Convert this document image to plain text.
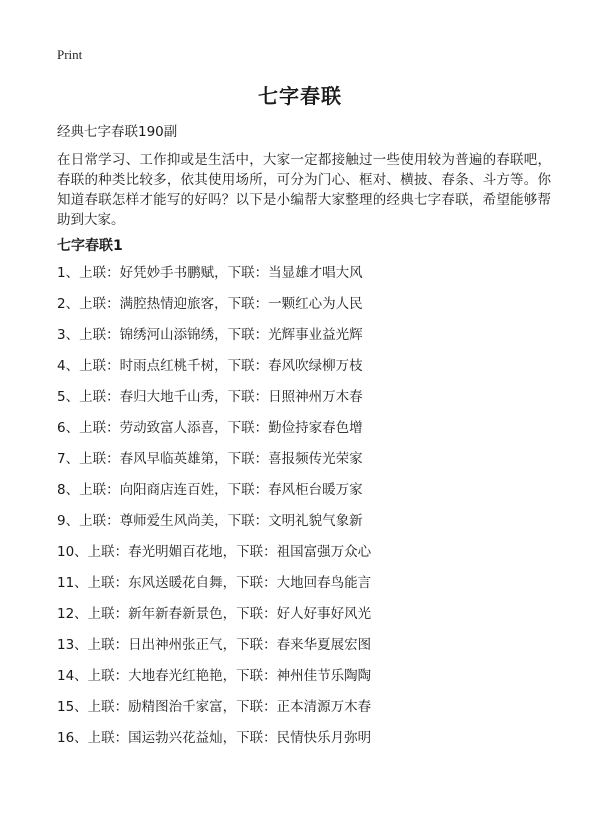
Print
七字春联
经典七字春联190副
在日常学习、工作抑或是生活中，大家一定都接触过一些使用较为普遍的春联吧，春联的种类比较多，依其使用场所，可分为门心、框对、横披、春条、斗方等。你知道春联怎样才能写的好吗？以下是小编帮大家整理的经典七字春联，希望能够帮助到大家。
七字春联1
1、上联：好凭妙手书鹏赋，下联：当显雄才唱大风
2、上联：满腔热情迎旅客，下联：一颗红心为人民
3、上联：锦绣河山添锦绣，下联：光辉事业益光辉
4、上联：时雨点红桃千树，下联：春风吹绿柳万枝
5、上联：春归大地千山秀，下联：日照神州万木春
6、上联：劳动致富人添喜，下联：勤俭持家春色增
7、上联：春风早临英雄第，下联：喜报频传光荣家
8、上联：向阳商店连百姓，下联：春风柜台暖万家
9、上联：尊师爱生风尚美，下联：文明礼貌气象新
10、上联：春光明媚百花地，下联：祖国富强万众心
11、上联：东风送暖花自舞，下联：大地回春鸟能言
12、上联：新年新春新景色，下联：好人好事好风光
13、上联：日出神州张正气，下联：春来华夏展宏图
14、上联：大地春光红艳艳，下联：神州佳节乐陶陶
15、上联：励精图治千家富，下联：正本清源万木春
16、上联：国运勃兴花益灿，下联：民情快乐月弥明
